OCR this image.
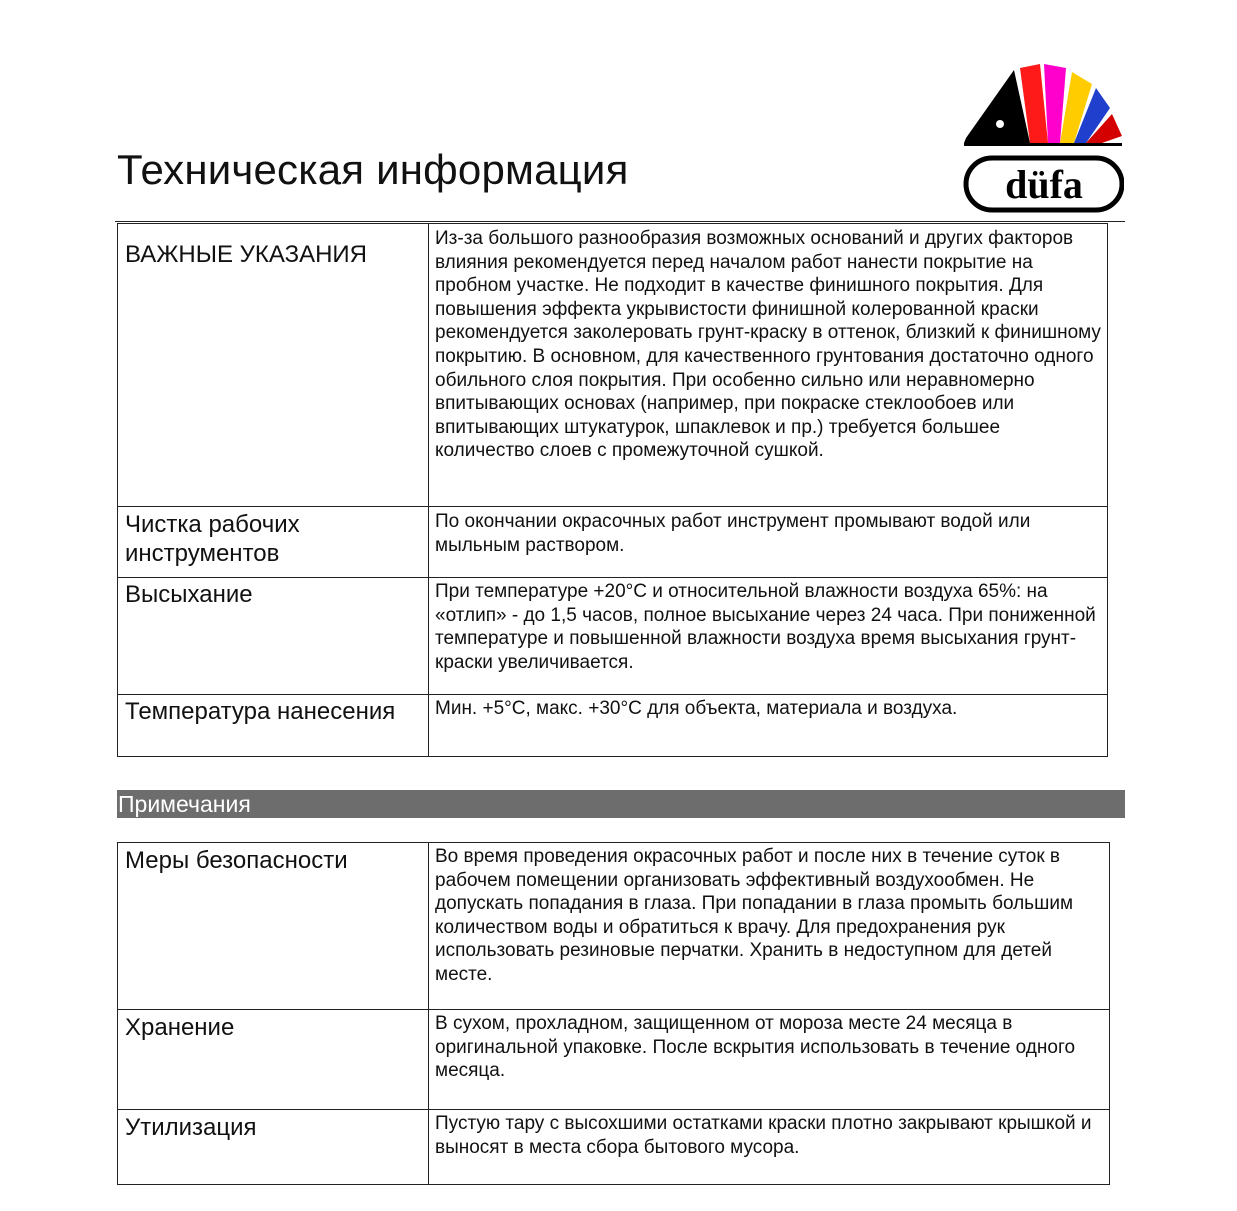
Техническая информация	düfa
ВАЖНЫЕ УКАЗАНИЯ	Из-за большого разнообразия возможных оснований и других факторов влияния рекомендуется перед началом работ нанести покрытие на пробном участке. Не подходит в качестве финишного покрытия. Для повышения эффекта укрывистости финишной колерованной краски рекомендуется заколеровать грунт-краску в оттенок, близкий к финишному покрытию. В основном, для качественного грунтования достаточно одного обильного слоя покрытия. При особенно сильно или неравномерно впитывающих основах (например, при покраске стеклообоев или впитывающих штукатурок, шпаклевок и пр.) требуется большее количество слоев с промежуточной сушкой.
Чистка рабочих инструментов	По окончании окрасочных работ инструмент промывают водой или мыльным раствором.
Высыхание	При температуре +20°C и относительной влажности воздуха 65%: на «отлип» - до 1,5 часов, полное высыхание через 24 часа. При пониженной температуре и повышенной влажности воздуха время высыхания грунт-краски увеличивается.
Температура нанесения	Мин. +5°C, макс. +30°C для объекта, материала и воздуха.
Примечания
Меры безопасности	Во время проведения окрасочных работ и после них в течение суток в рабочем помещении организовать эффективный воздухообмен. Не допускать попадания в глаза. При попадании в глаза промыть большим количеством воды и обратиться к врачу. Для предохранения рук использовать резиновые перчатки. Хранить в недоступном для детей месте.
Хранение	В сухом, прохладном, защищенном от мороза месте 24 месяца в оригинальной упаковке. После вскрытия использовать в течение одного месяца.
Утилизация	Пустую тару с высохшими остатками краски плотно закрывают крышкой и выносят в места сбора бытового мусора.
